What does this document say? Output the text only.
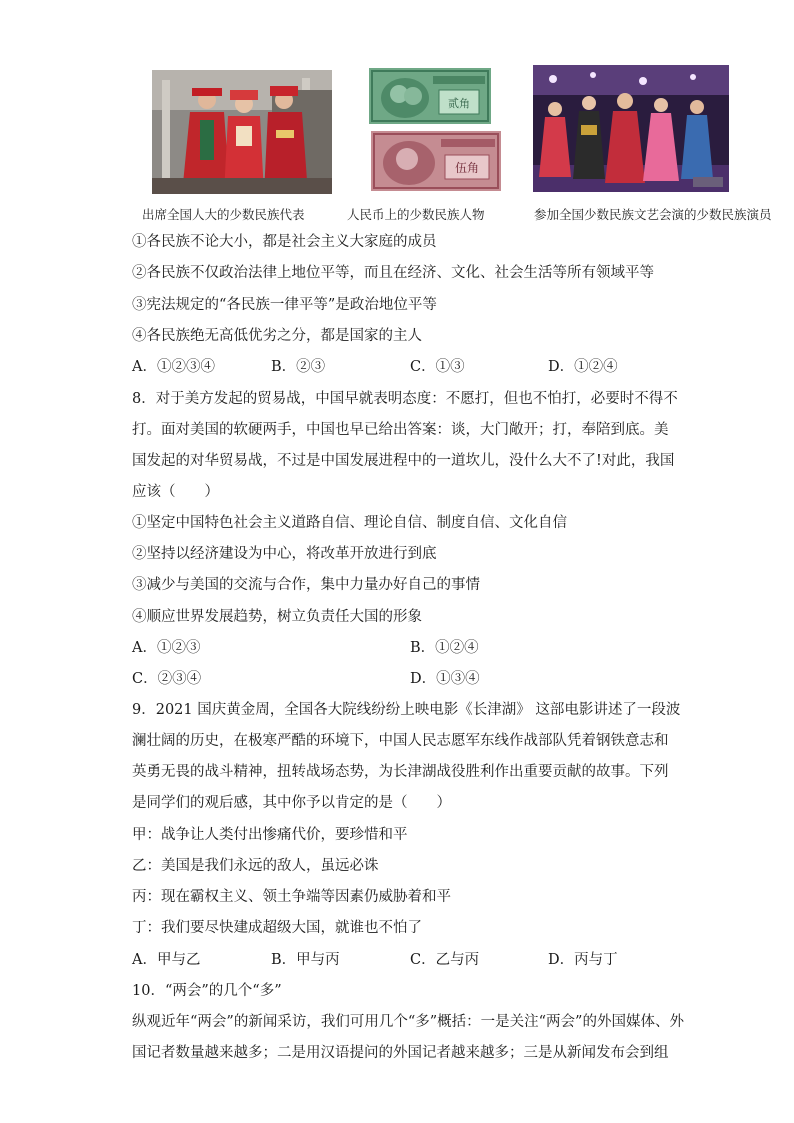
贰角
伍角
出席全国人大的少数民族代表	人民币上的少数民族人物	参加全国少数民族文艺会演的少数民族演员
①各民族不论大小，都是社会主义大家庭的成员
②各民族不仅政治法律上地位平等，而且在经济、文化、社会生活等所有领域平等
③宪法规定的“各民族一律平等”是政治地位平等
④各民族绝无高低优劣之分，都是国家的主人
A．①②③④	B．②③	C．①③	D．①②④
8．对于美方发起的贸易战，中国早就表明态度：不愿打，但也不怕打，必要时不得不
打。面对美国的软硬两手，中国也早已给出答案：谈，大门敞开；打，奉陪到底。美
国发起的对华贸易战，不过是中国发展进程中的一道坎儿，没什么大不了!对此，我国
应该（　　）
①坚定中国特色社会主义道路自信、理论自信、制度自信、文化自信
②坚持以经济建设为中心，将改革开放进行到底
③减少与美国的交流与合作，集中力量办好自己的事情
④顺应世界发展趋势，树立负责任大国的形象
A．①②③	B．①②④
C．②③④	D．①③④
9．2021 国庆黄金周，全国各大院线纷纷上映电影《长津湖》 这部电影讲述了一段波
澜壮阔的历史，在极寒严酷的环境下，中国人民志愿军东线作战部队凭着钢铁意志和
英勇无畏的战斗精神，扭转战场态势，为长津湖战役胜利作出重要贡献的故事。下列
是同学们的观后感，其中你予以肯定的是（　　）
甲：战争让人类付出惨痛代价，要珍惜和平
乙：美国是我们永远的敌人，虽远必诛
丙：现在霸权主义、领土争端等因素仍威胁着和平
丁：我们要尽快建成超级大国，就谁也不怕了
A．甲与乙	B．甲与丙	C．乙与丙	D．丙与丁
10．“两会”的几个“多”
纵观近年“两会”的新闻采访，我们可用几个“多”概括：一是关注“两会”的外国媒体、外
国记者数量越来越多；二是用汉语提问的外国记者越来越多；三是从新闻发布会到组
